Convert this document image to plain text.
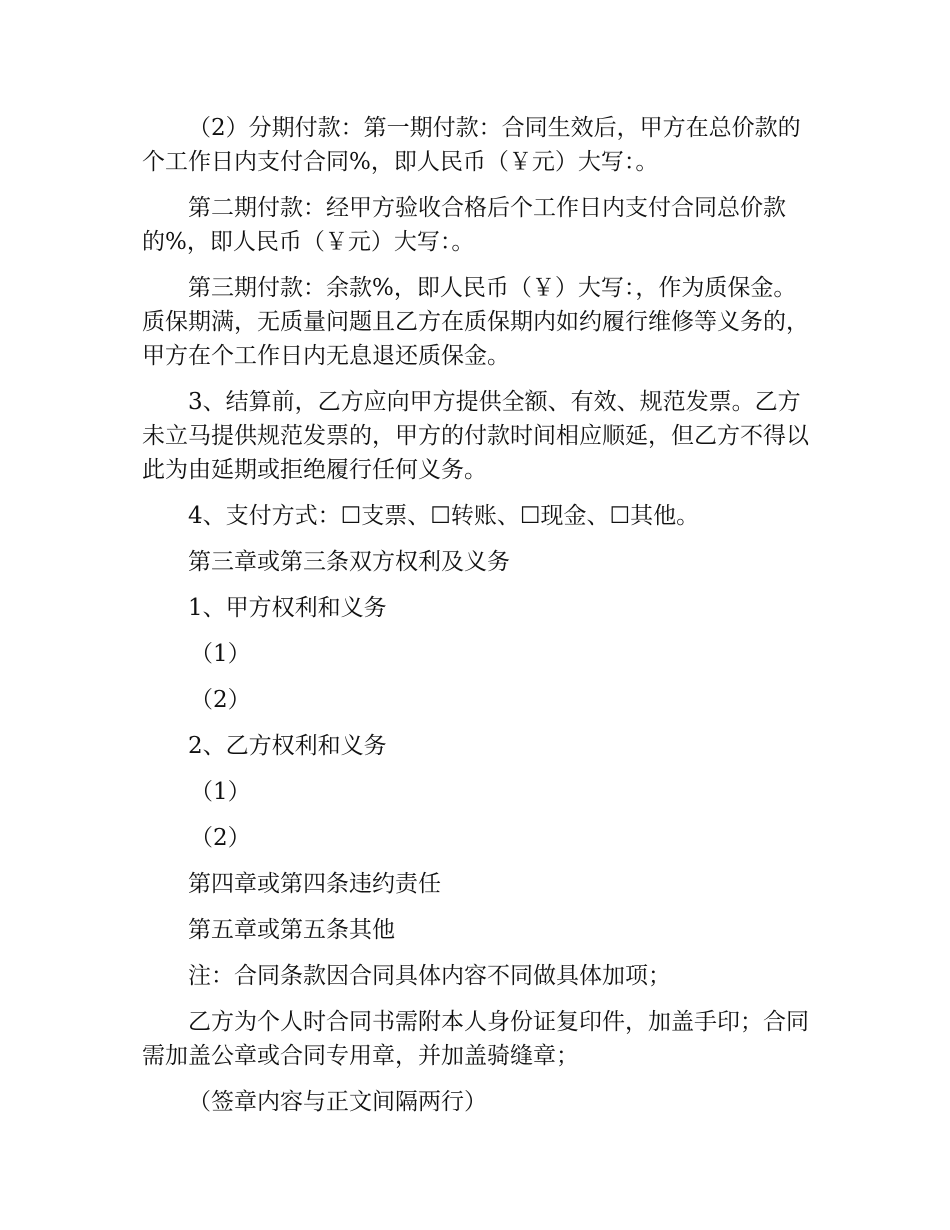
（2）分期付款：第一期付款：合同生效后，甲方在总价款的个工作日内支付合同%，即人民币（￥元）大写：。

第二期付款：经甲方验收合格后个工作日内支付合同总价款的%，即人民币（￥元）大写：。

第三期付款：余款%，即人民币（￥）大写：，作为质保金。质保期满，无质量问题且乙方在质保期内如约履行维修等义务的，甲方在个工作日内无息退还质保金。

3、结算前，乙方应向甲方提供全额、有效、规范发票。乙方未立马提供规范发票的，甲方的付款时间相应顺延，但乙方不得以此为由延期或拒绝履行任何义务。

4、支付方式：☐支票、☐转账、☐现金、☐其他。

第三章或第三条双方权利及义务

1、甲方权利和义务

（1）

（2）

2、乙方权利和义务

（1）

（2）

第四章或第四条违约责任

第五章或第五条其他

注：合同条款因合同具体内容不同做具体加项；

乙方为个人时合同书需附本人身份证复印件，加盖手印；合同需加盖公章或合同专用章，并加盖骑缝章；

（签章内容与正文间隔两行）
